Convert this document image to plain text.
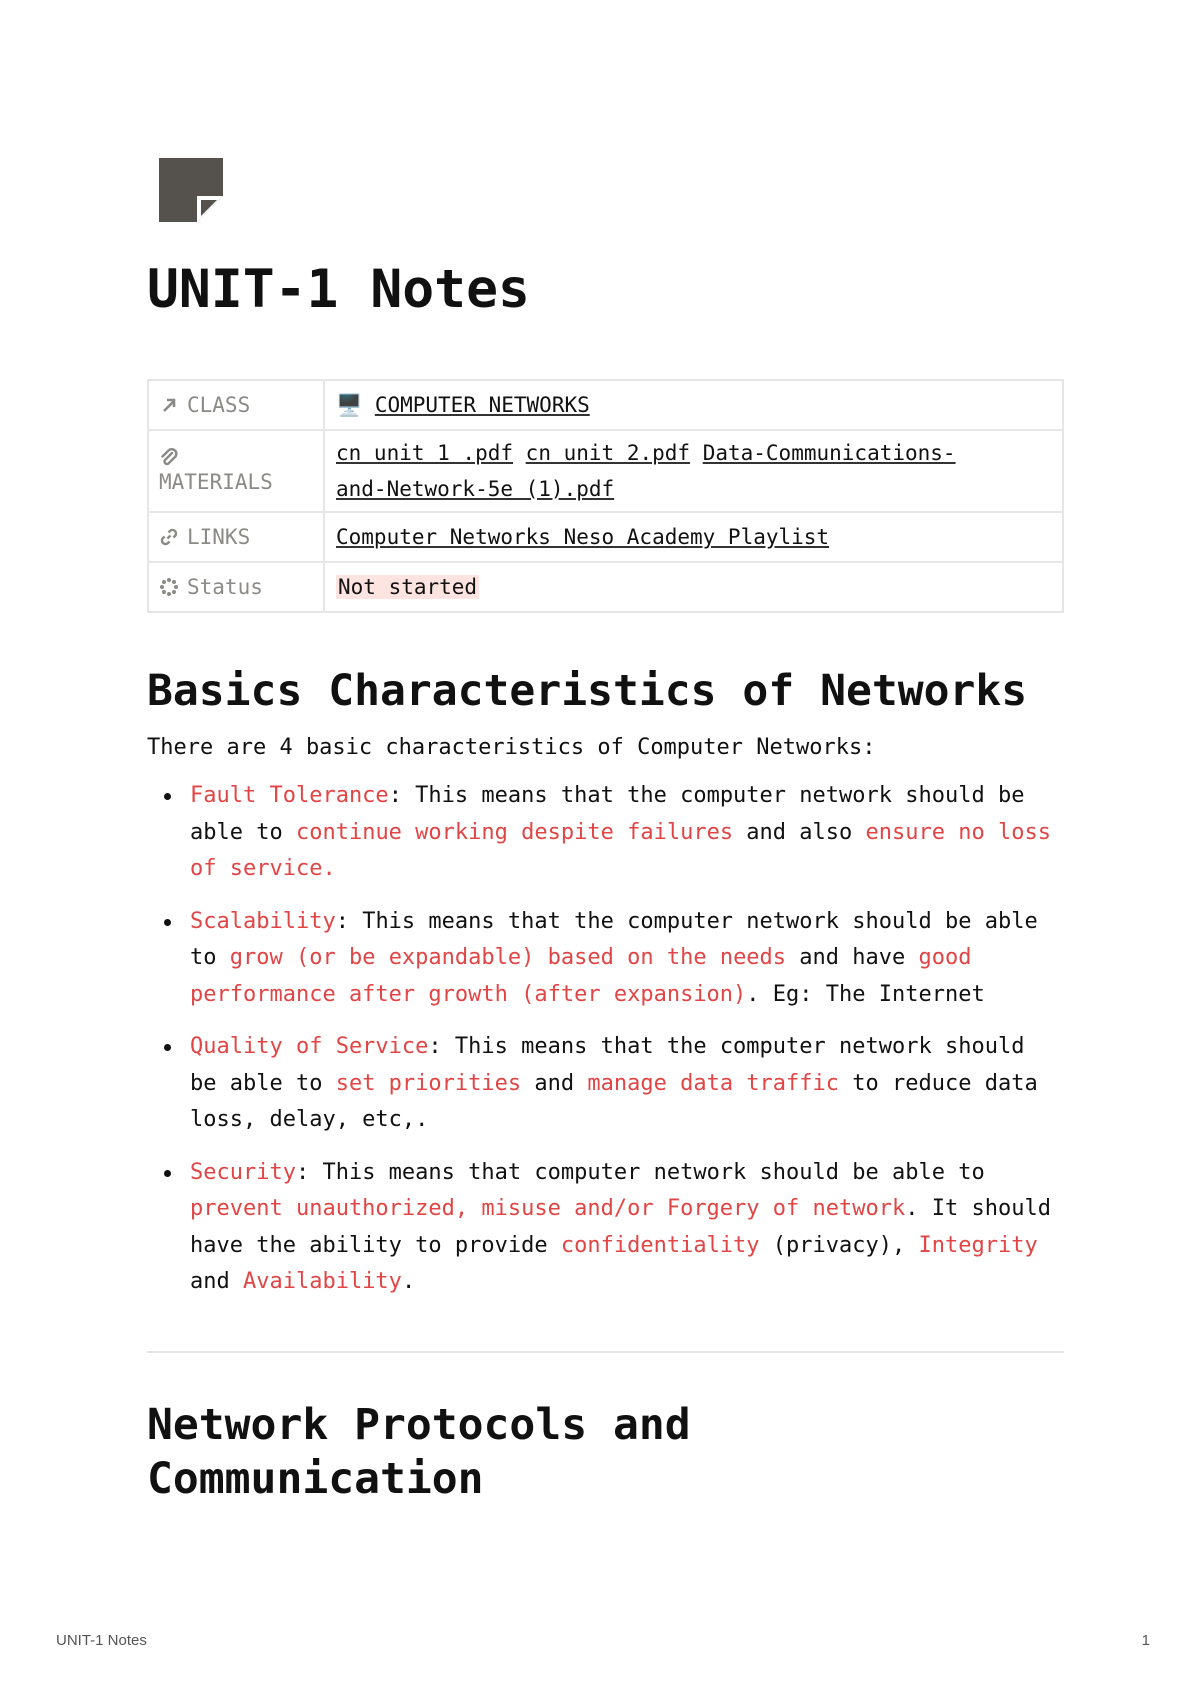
UNIT-1 Notes
CLASS	🖥️ COMPUTER NETWORKS

MATERIALS	cn unit 1 .pdf cn unit 2.pdf Data-Communications-
and-Network-5e (1).pdf

LINKS	Computer Networks Neso Academy Playlist

Status	Not started
Basics Characteristics of Networks
There are 4 basic characteristics of Computer Networks:
Fault Tolerance: This means that the computer network should be able to continue working despite failures and also ensure no loss of service.
Scalability: This means that the computer network should be able to grow (or be expandable) based on the needs and have good performance after growth (after expansion). Eg: The Internet
Quality of Service: This means that the computer network should be able to set priorities and manage data traffic to reduce data loss, delay, etc,.
Security: This means that computer network should be able to prevent unauthorized, misuse and/or Forgery of network. It should have the ability to provide confidentiality (privacy), Integrity and Availability.
Network Protocols and
Communication
UNIT-1 Notes	1
